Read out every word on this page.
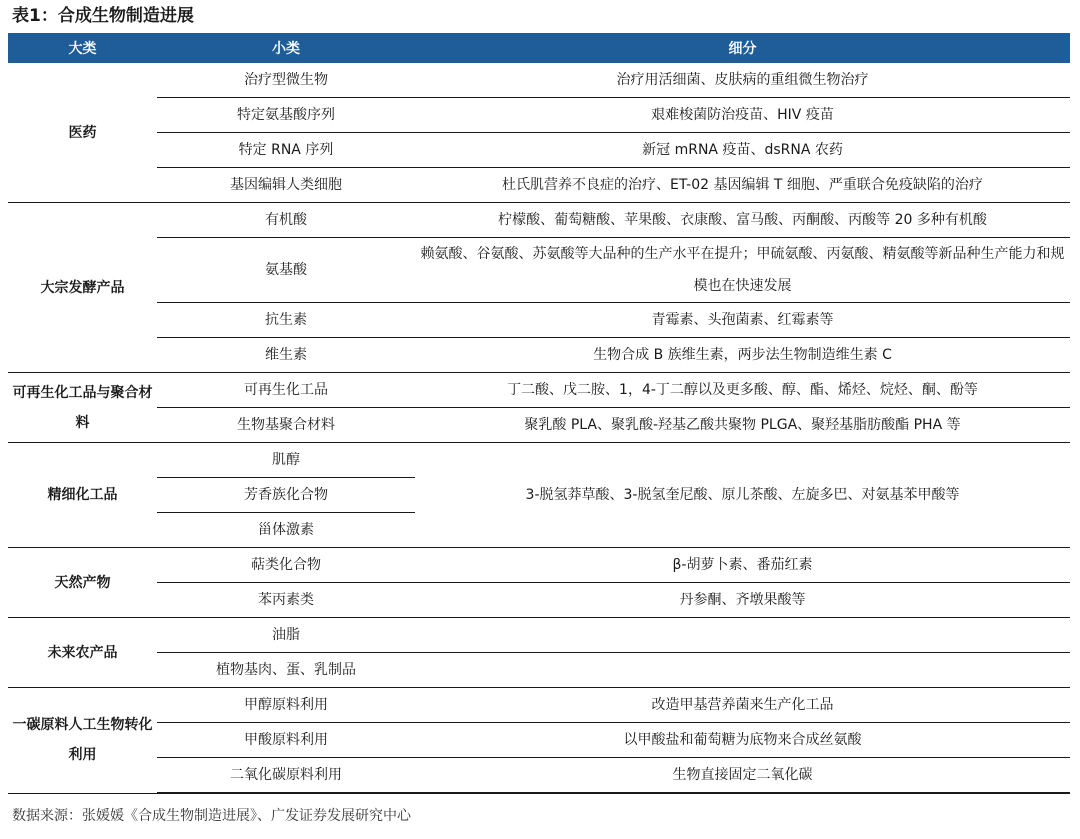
表1：合成生物制造进展
大类	小类	细分
医药	治疗型微生物	治疗用活细菌、皮肤病的重组微生物治疗
	特定氨基酸序列	艰难梭菌防治疫苗、HIV 疫苗
	特定 RNA 序列	新冠 mRNA 疫苗、dsRNA 农药
	基因编辑人类细胞	杜氏肌营养不良症的治疗、ET-02 基因编辑 T 细胞、严重联合免疫缺陷的治疗
大宗发酵产品	有机酸	柠檬酸、葡萄糖酸、苹果酸、衣康酸、富马酸、丙酮酸、丙酸等 20 多种有机酸
	氨基酸	赖氨酸、谷氨酸、苏氨酸等大品种的生产水平在提升；甲硫氨酸、丙氨酸、精氨酸等新品种生产能力和规模也在快速发展
	抗生素	青霉素、头孢菌素、红霉素等
	维生素	生物合成 B 族维生素，两步法生物制造维生素 C
可再生化工品与聚合材料	可再生化工品	丁二酸、戊二胺、1，4-丁二醇以及更多酸、醇、酯、烯烃、烷烃、酮、酚等
	生物基聚合材料	聚乳酸 PLA、聚乳酸-羟基乙酸共聚物 PLGA、聚羟基脂肪酸酯 PHA 等
精细化工品	肌醇	3-脱氢莽草酸、3-脱氢奎尼酸、原儿茶酸、左旋多巴、对氨基苯甲酸等
	芳香族化合物	
	甾体激素	
天然产物	萜类化合物	β-胡萝卜素、番茄红素
	苯丙素类	丹参酮、齐墩果酸等
未来农产品	油脂	
	植物基肉、蛋、乳制品	
一碳原料人工生物转化利用	甲醇原料利用	改造甲基营养菌来生产化工品
	甲酸原料利用	以甲酸盐和葡萄糖为底物来合成丝氨酸
	二氧化碳原料利用	生物直接固定二氧化碳
数据来源：张媛媛《合成生物制造进展》、广发证券发展研究中心
